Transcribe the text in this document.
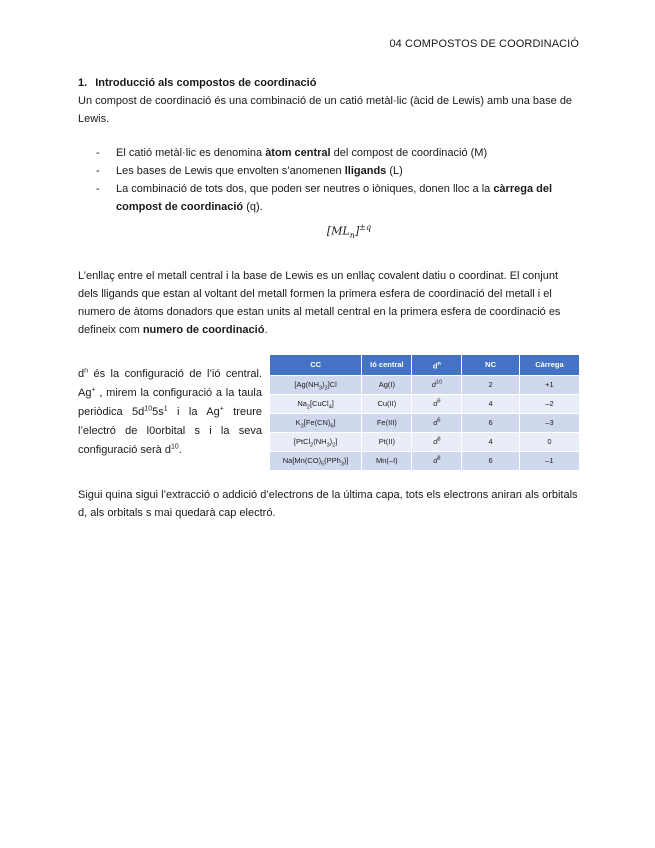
04 COMPOSTOS DE COORDINACIÓ

1. Introducció als compostos de coordinació

Un compost de coordinació és una combinació de un catió metàl·lic (àcid de Lewis) amb una base de Lewis.

- El catió metàl·lic es denomina àtom central del compost de coordinació (M)
- Les bases de Lewis que envolten s’anomenen lligands (L)
- La combinació de tots dos, que poden ser neutres o iòniques, donen lloc a la càrrega del compost de coordinació (q).
$[ML_n]^{\pm q}$

L’enllaç entre el metall central i la base de Lewis es un enllaç covalent datiu o coordinat. El conjunt dels lligands que estan al voltant del metall formen la primera esfera de coordinació del metall i el numero de àtoms donadors que estan units al metall central en la primera esfera de coordinació es defineix com numero de coordinació.

$d^n$ és la configuració de l’ió central. Ag+ , mirem la configuració a la taula periòdica $5d^{10}5s^1$ i la Ag+ treure l’electró de l0orbital s i la seva configuració serà $d^{10}$.
CC	Ió central	$d^n$	NC	Càrrega
$[Ag(NH_3)_2]Cl$	Ag(I)	$d^{10}$	2	+1
$Na_2[CuCl_4]$	Cu(II)	$d^9$	4	–2
$K_3[Fe(CN)_6]$	Fe(III)	$d^5$	6	–3
$[PtCl_2(NH_3)_2]$	Pt(II)	$d^8$	4	0
$Na[Mn(CO)_5(PPh_3)]$	Mn(–I)	$d^8$	6	–1

Sigui quina sigui l’extracció o addició d’electrons de la última capa, tots els electrons aniran als orbitals d, als orbitals s mai quedarà cap electró.
